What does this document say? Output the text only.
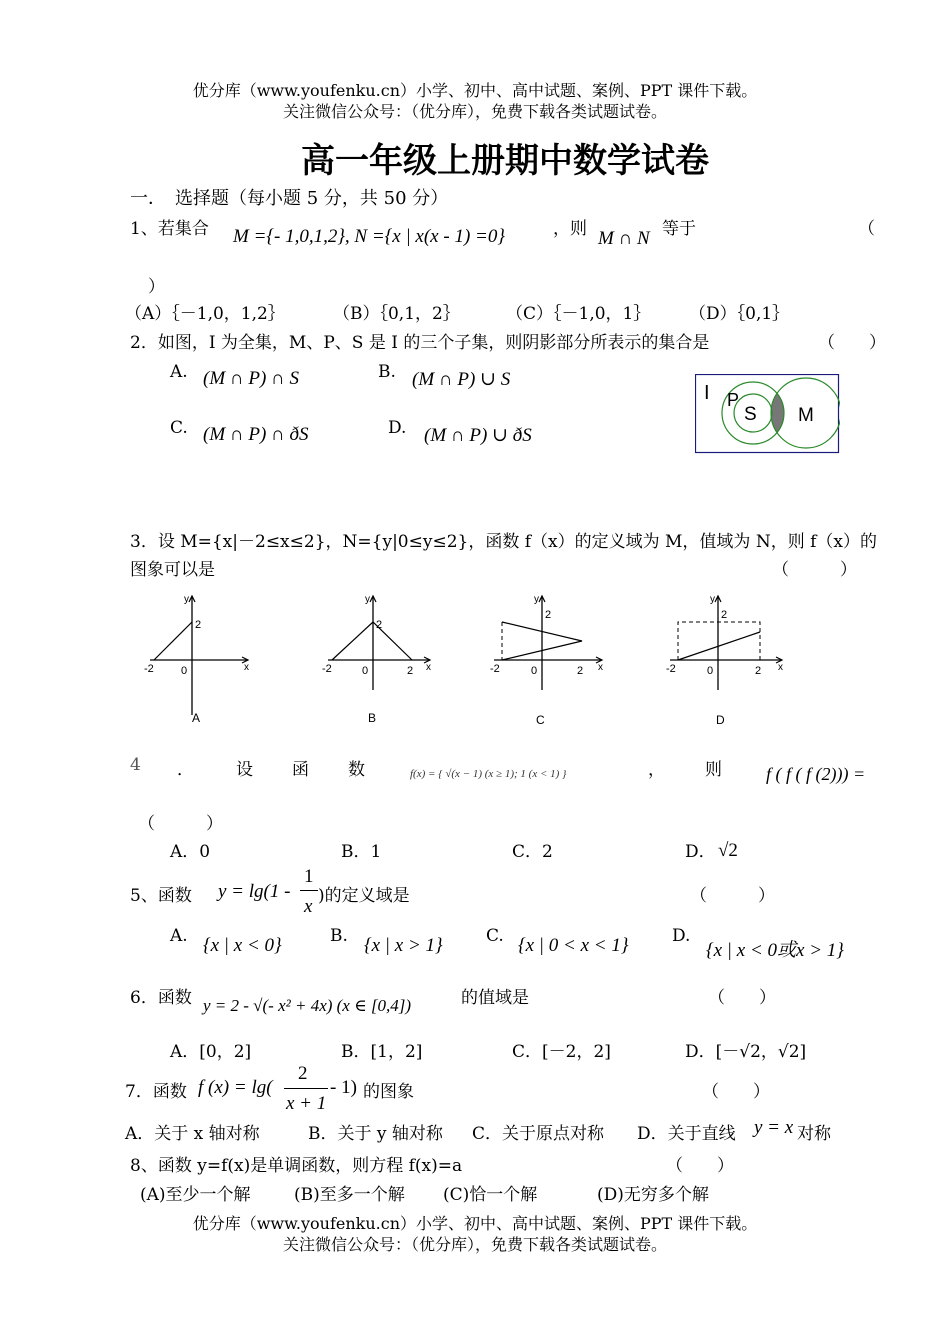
优分库（www.youfenku.cn）小学、初中、高中试题、案例、PPT 课件下载。
关注微信公众号：（优分库），免费下载各类试题试卷。
高一年级上册期中数学试卷
一．　选择题（每小题 5 分，共 50 分）
1、若集合 M ={- 1,0,1,2}, N ={x | x(x - 1) =0}	，则 M ∩ N 等于	（
）
（A）｛－1,0，1,2｝	（B）｛0,1，2｝	（C）｛－1,0，1｝ （D）｛0,1｝
2．如图，I 为全集，M、P、S 是 I 的三个子集，则阴影部分所表示的集合是	（　　）
A. (M ∩ P) ∩ S	B. (M ∩ P) ∪ S
C. (M ∩ P) ∩ ðS	D. (M ∩ P) ∪ ðS
I P
S M
3．设 M={x|－2≤x≤2}，N={y|0≤y≤2}，函数 f（x）的定义域为 M，值域为 N，则 f（x）的
图象可以是	（　　　）
y
x
2
-2 0
A
y
x
2
-2	0	2
B
y
x
2
-2	0	2
C
y
x
2
-2	0	2
D
4 ． 设 函 数	f(x) = { √(x − 1) (x ≥ 1); 1 (x < 1) }	， 则 f ( f ( f (2))) =
（　　　）
A．0	B．1	C．2	D． √2
5、函数 y = lg(1 -
1
x )的定义域是	（　　　）
A. {x | x < 0}	B. {x | x > 1}	C. {x | 0 < x < 1}	D.
{x | x < 0或x > 1}
6．函数 y = 2 - √(- x² + 4x) (x ∈ [0,4])	的值域是	（　　）
A．[0，2]	B．[1，2]	C．[－2，2]	D．[－√2，√2]
7．函数 f (x) = lg(
2
x + 1
- 1) 的图象	（　　）
A．关于 x 轴对称	B．关于 y 轴对称 C．关于原点对称 D．关于直线 y = x 对称
8、函数 y=f(x)是单调函数，则方程 f(x)=a	（　　）
(A)至少一个解	(B)至多一个解 (C)恰一个解	(D)无穷多个解
优分库（www.youfenku.cn）小学、初中、高中试题、案例、PPT 课件下载。
关注微信公众号：（优分库），免费下载各类试题试卷。
